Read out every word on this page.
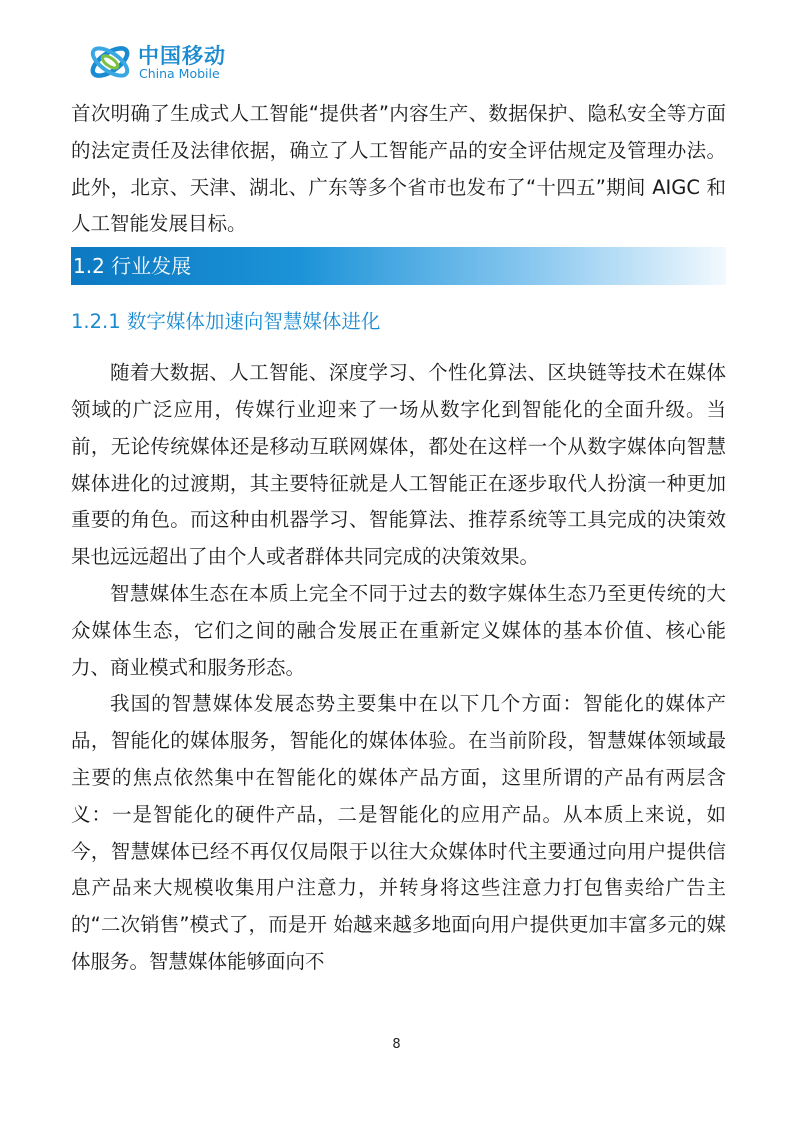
中国移动
China Mobile

首次明确了生成式人工智能“提供者”内容生产、数据保护、隐私安全等方面的法定责任及法律依据，确立了人工智能产品的安全评估规定及管理办法。此外，北京、天津、湖北、广东等多个省市也发布了“十四五”期间 AIGC 和人工智能发展目标。

1.2 行业发展
1.2.1 数字媒体加速向智慧媒体进化

随着大数据、人工智能、深度学习、个性化算法、区块链等技术在媒体领域的广泛应用，传媒行业迎来了一场从数字化到智能化的全面升级。当前，无论传统媒体还是移动互联网媒体，都处在这样一个从数字媒体向智慧媒体进化的过渡期，其主要特征就是人工智能正在逐步取代人扮演一种更加重要的角色。而这种由机器学习、智能算法、推荐系统等工具完成的决策效果也远远超出了由个人或者群体共同完成的决策效果。

智慧媒体生态在本质上完全不同于过去的数字媒体生态乃至更传统的大众媒体生态，它们之间的融合发展正在重新定义媒体的基本价值、核心能力、商业模式和服务形态。

我国的智慧媒体发展态势主要集中在以下几个方面：智能化的媒体产品，智能化的媒体服务，智能化的媒体体验。在当前阶段，智慧媒体领域最主要的焦点依然集中在智能化的媒体产品方面，这里所谓的产品有两层含义：一是智能化的硬件产品，二是智能化的应用产品。从本质上来说，如今，智慧媒体已经不再仅仅局限于以往大众媒体时代主要通过向用户提供信息产品来大规模收集用户注意力，并转身将这些注意力打包售卖给广告主的“二次销售”模式了，而是开 始越来越多地面向用户提供更加丰富多元的媒体服务。智慧媒体能够面向不

8
